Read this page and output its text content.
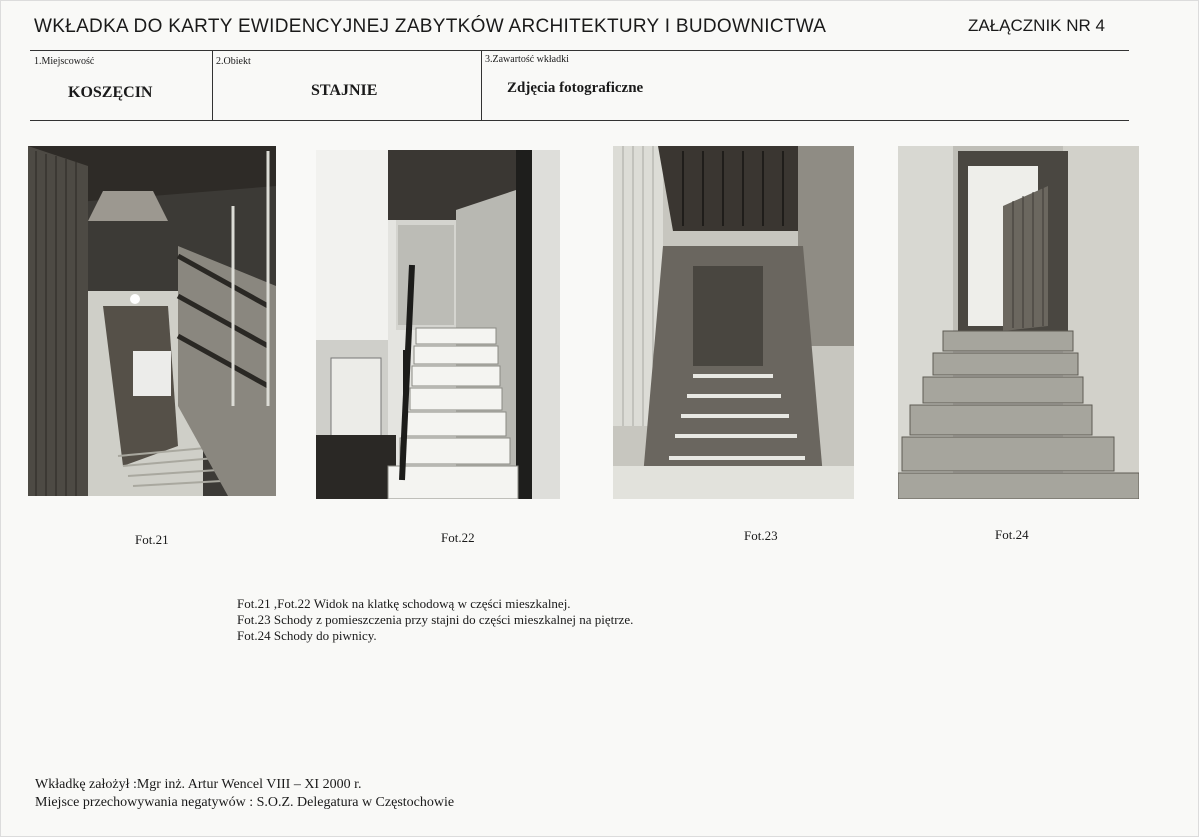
WKŁADKA DO KARTY EWIDENCYJNEJ ZABYTKÓW ARCHITEKTURY I BUDOWNICTWA	ZAŁĄCZNIK NR 4
1.Miejscowość
KOSZĘCIN
2.Obiekt
STAJNIE
3.Zawartość wkładki
Zdjęcia fotograficzne
Fot.21	Fot.22	Fot.23	Fot.24
Fot.21 ,Fot.22 Widok na klatkę schodową w części mieszkalnej.
Fot.23 Schody z pomieszczenia przy stajni do części mieszkalnej na piętrze.
Fot.24 Schody do piwnicy.
Wkładkę założył :Mgr inż. Artur Wencel VIII – XI 2000 r.
Miejsce przechowywania negatywów : S.O.Z. Delegatura w Częstochowie
